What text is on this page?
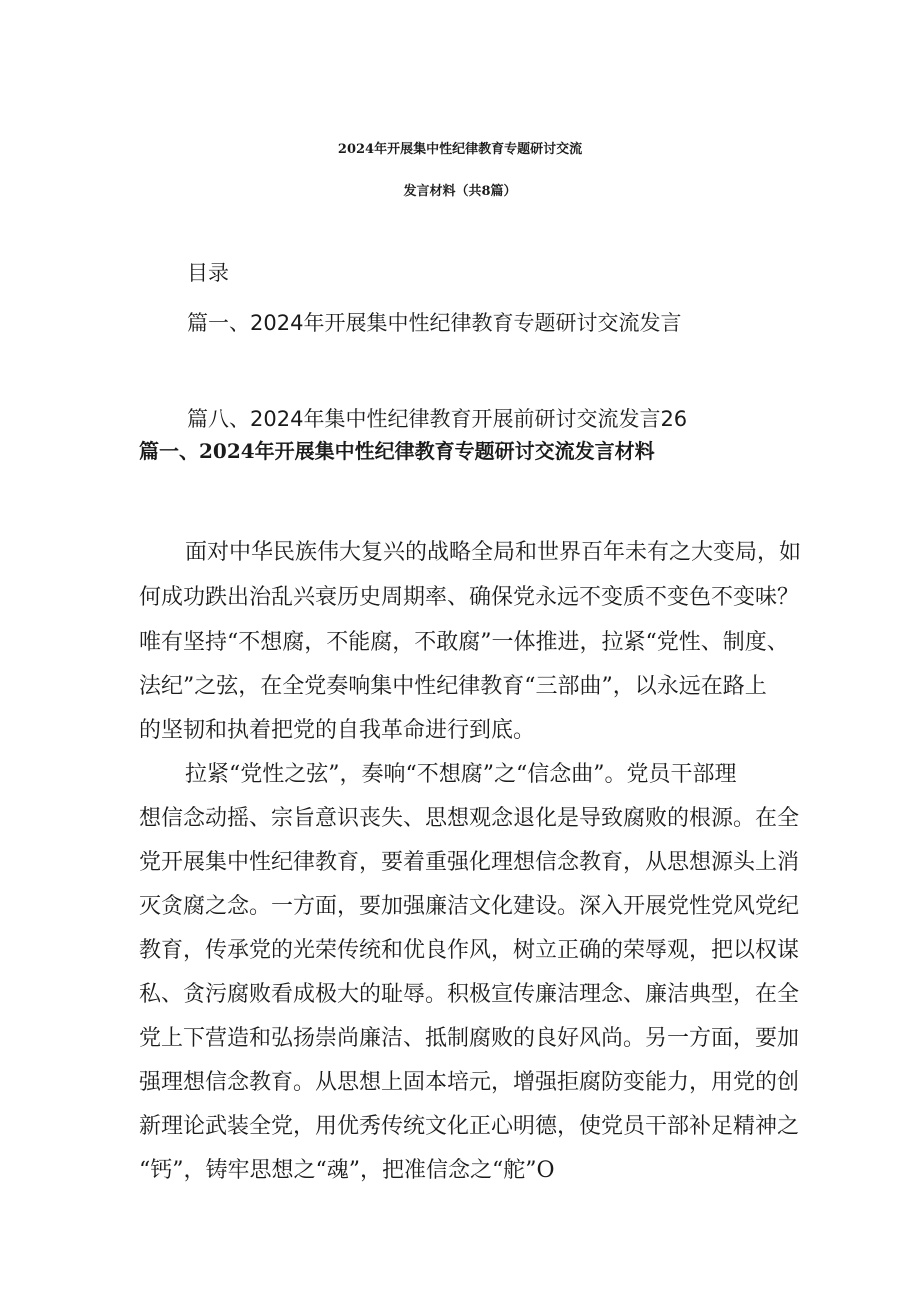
2024年开展集中性纪律教育专题研讨交流
发言材料（共8篇）
目录
篇一、2024年开展集中性纪律教育专题研讨交流发言
篇八、2024年集中性纪律教育开展前研讨交流发言26
篇一、2024年开展集中性纪律教育专题研讨交流发言材料
面对中华民族伟大复兴的战略全局和世界百年未有之大变局，如
何成功跌出治乱兴衰历史周期率、确保党永远不变质不变色不变味？
唯有坚持“不想腐，不能腐，不敢腐”一体推进，拉紧“党性、制度、
法纪”之弦，在全党奏响集中性纪律教育“三部曲”，以永远在路上
的坚韧和执着把党的自我革命进行到底。
拉紧“党性之弦”，奏响“不想腐”之“信念曲”。党员干部理
想信念动摇、宗旨意识丧失、思想观念退化是导致腐败的根源。在全
党开展集中性纪律教育，要着重强化理想信念教育，从思想源头上消
灭贪腐之念。一方面，要加强廉洁文化建设。深入开展党性党风党纪
教育，传承党的光荣传统和优良作风，树立正确的荣辱观，把以权谋
私、贪污腐败看成极大的耻辱。积极宣传廉洁理念、廉洁典型，在全
党上下营造和弘扬崇尚廉洁、抵制腐败的良好风尚。另一方面，要加
强理想信念教育。从思想上固本培元，增强拒腐防变能力，用党的创
新理论武装全党，用优秀传统文化正心明德，使党员干部补足精神之
“钙”，铸牢思想之“魂”，把准信念之“舵”O
